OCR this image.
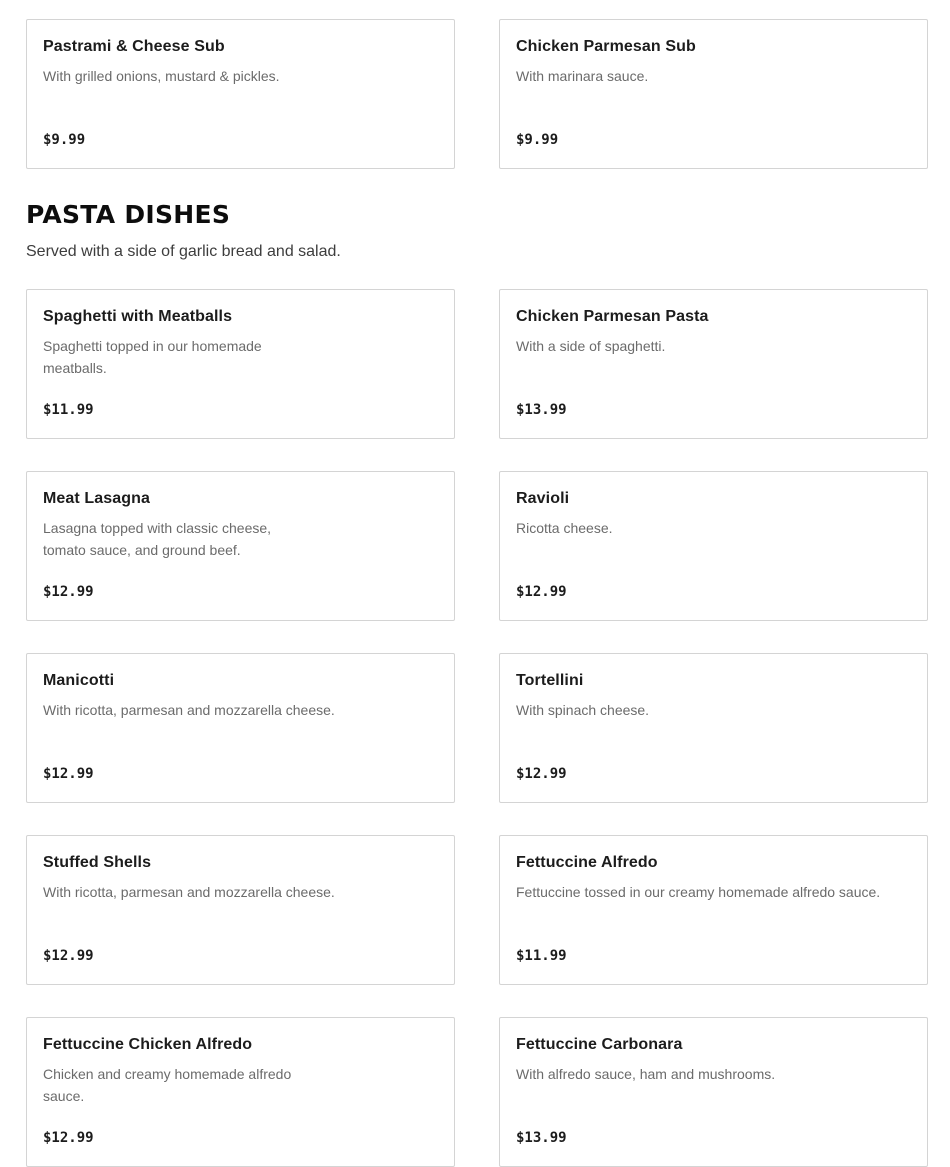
Pastrami & Cheese Sub
With grilled onions, mustard & pickles.
$9.99
Chicken Parmesan Sub
With marinara sauce.
$9.99
PASTA DISHES

Served with a side of garlic bread and salad.

Spaghetti with Meatballs
Spaghetti topped in our homemade
meatballs.
$11.99
Chicken Parmesan Pasta
With a side of spaghetti.
$13.99
Meat Lasagna
Lasagna topped with classic cheese,
tomato sauce, and ground beef.
$12.99
Ravioli
Ricotta cheese.
$12.99
Manicotti
With ricotta, parmesan and mozzarella cheese.
$12.99
Tortellini
With spinach cheese.
$12.99
Stuffed Shells
With ricotta, parmesan and mozzarella cheese.
$12.99
Fettuccine Alfredo
Fettuccine tossed in our creamy homemade alfredo sauce.
$11.99
Fettuccine Chicken Alfredo
Chicken and creamy homemade alfredo
sauce.
$12.99
Fettuccine Carbonara
With alfredo sauce, ham and mushrooms.
$13.99
